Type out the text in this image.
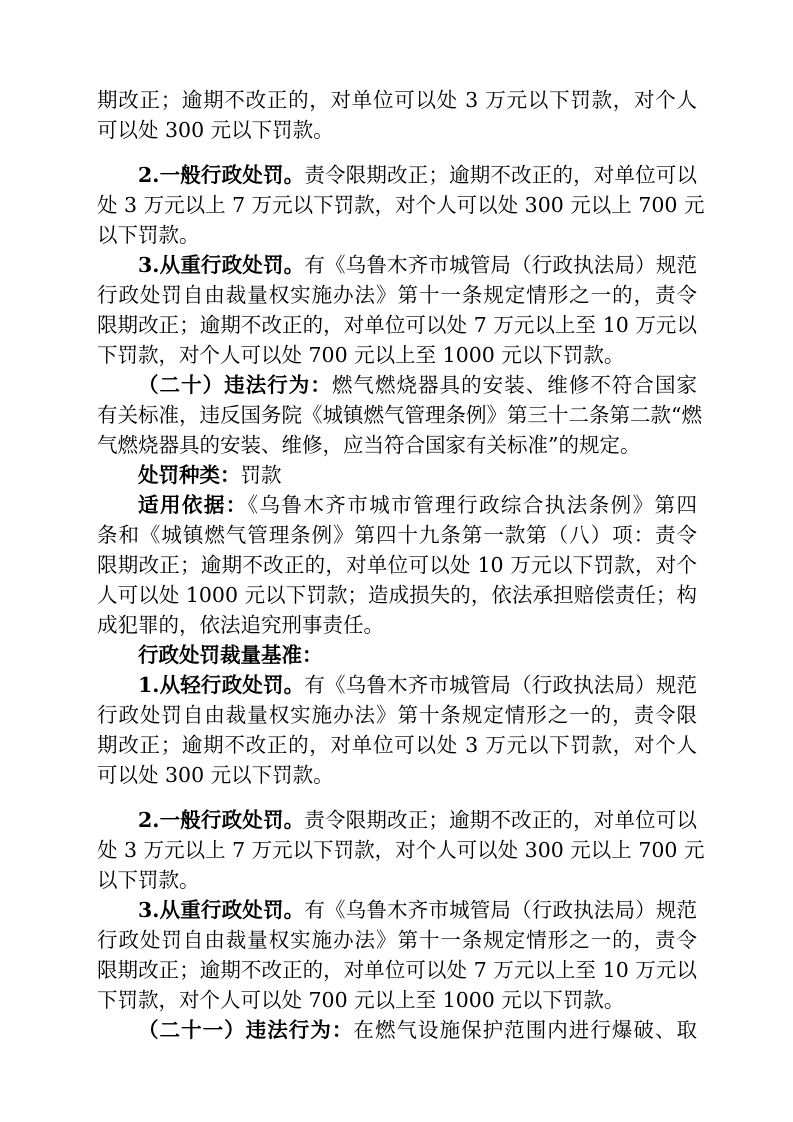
期改正；逾期不改正的，对单位可以处 3 万元以下罚款，对个人
可以处 300 元以下罚款。
2.一般行政处罚。责令限期改正；逾期不改正的，对单位可以
处 3 万元以上 7 万元以下罚款，对个人可以处 300 元以上 700 元
以下罚款。
3.从重行政处罚。有《乌鲁木齐市城管局（行政执法局）规范
行政处罚自由裁量权实施办法》第十一条规定情形之一的，责令
限期改正；逾期不改正的，对单位可以处 7 万元以上至 10 万元以
下罚款，对个人可以处 700 元以上至 1000 元以下罚款。
（二十）违法行为：燃气燃烧器具的安装、维修不符合国家
有关标准，违反国务院《城镇燃气管理条例》第三十二条第二款“燃
气燃烧器具的安装、维修，应当符合国家有关标准”的规定。
处罚种类：罚款
适用依据：《乌鲁木齐市城市管理行政综合执法条例》第四
条和《城镇燃气管理条例》第四十九条第一款第（八）项：责令
限期改正；逾期不改正的，对单位可以处 10 万元以下罚款，对个
人可以处 1000 元以下罚款；造成损失的，依法承担赔偿责任；构
成犯罪的，依法追究刑事责任。
行政处罚裁量基准：
1.从轻行政处罚。有《乌鲁木齐市城管局（行政执法局）规范
行政处罚自由裁量权实施办法》第十条规定情形之一的，责令限
期改正；逾期不改正的，对单位可以处 3 万元以下罚款，对个人
可以处 300 元以下罚款。
2.一般行政处罚。责令限期改正；逾期不改正的，对单位可以
处 3 万元以上 7 万元以下罚款，对个人可以处 300 元以上 700 元
以下罚款。
3.从重行政处罚。有《乌鲁木齐市城管局（行政执法局）规范
行政处罚自由裁量权实施办法》第十一条规定情形之一的，责令
限期改正；逾期不改正的，对单位可以处 7 万元以上至 10 万元以
下罚款，对个人可以处 700 元以上至 1000 元以下罚款。
（二十一）违法行为：在燃气设施保护范围内进行爆破、取
